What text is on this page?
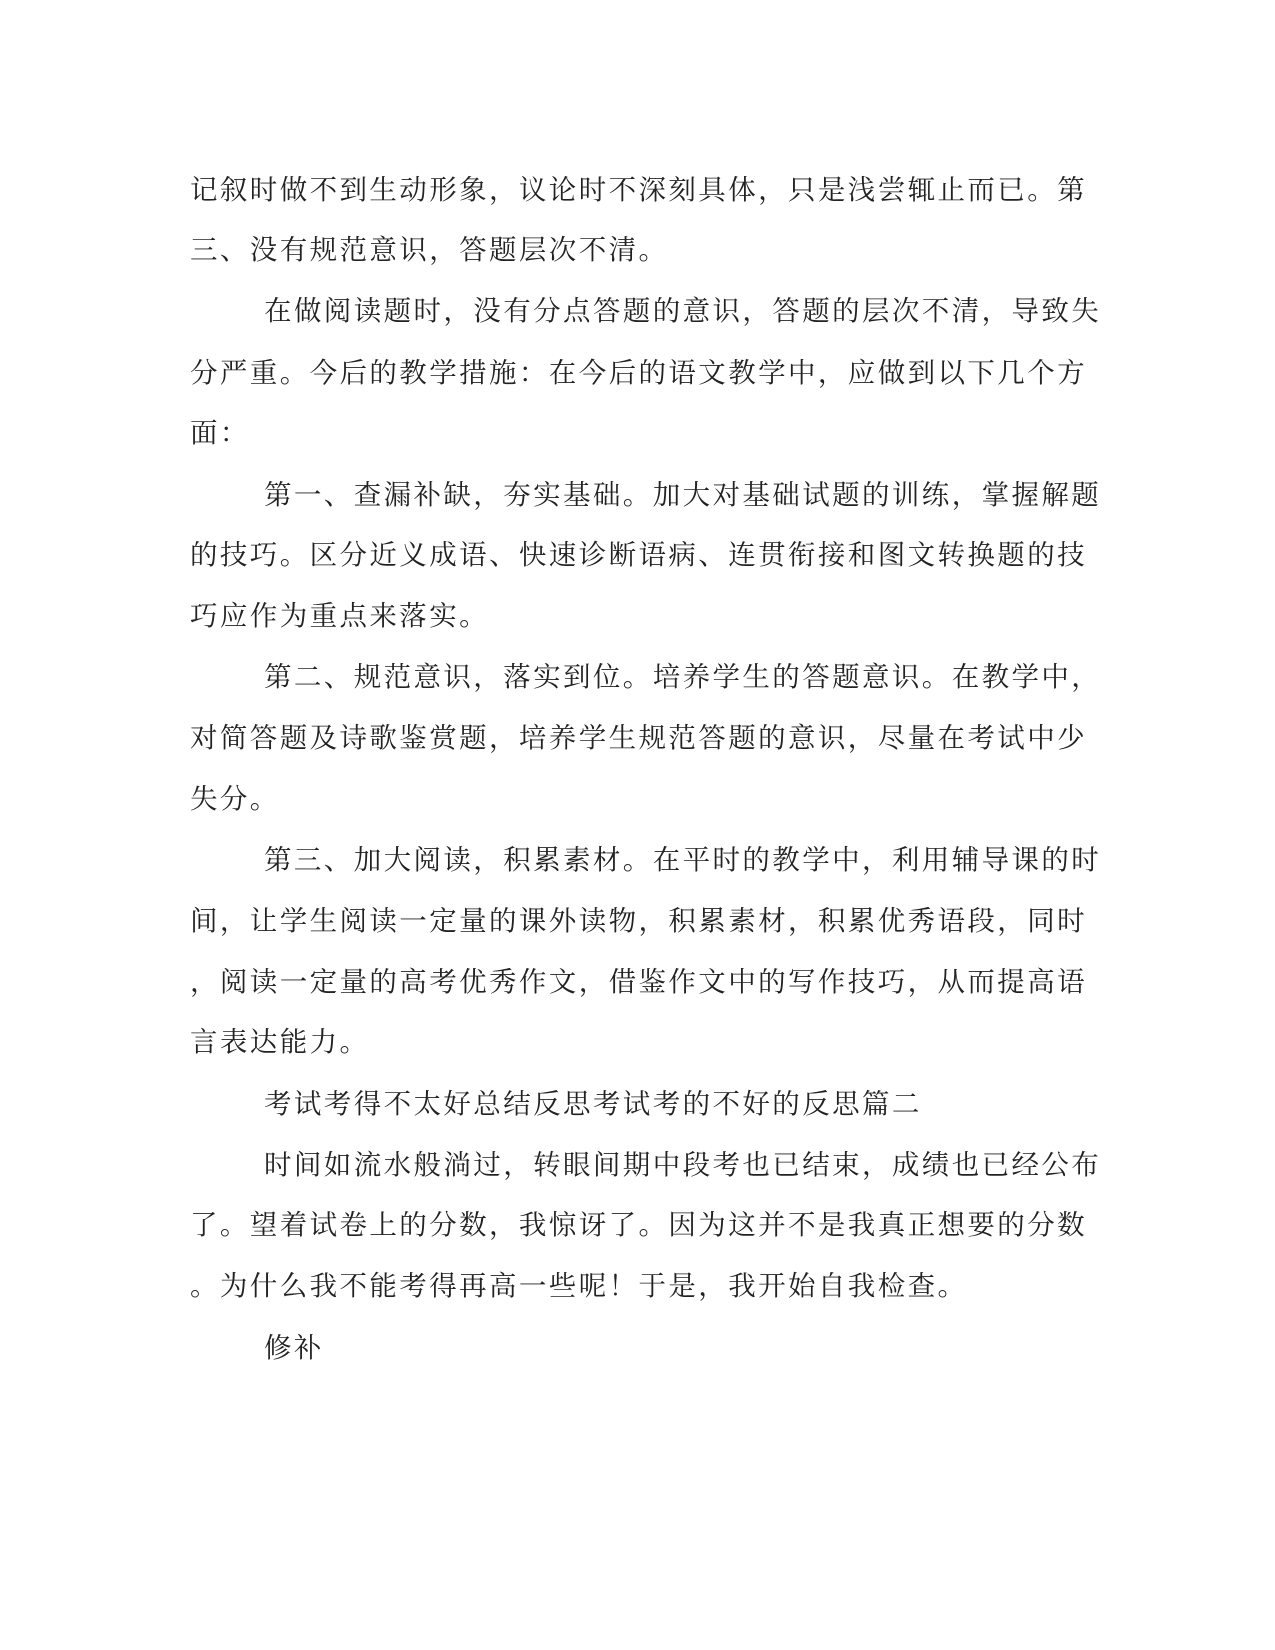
记叙时做不到生动形象，议论时不深刻具体，只是浅尝辄止而已。第
三、没有规范意识，答题层次不清。
在做阅读题时，没有分点答题的意识，答题的层次不清，导致失
分严重。今后的教学措施：在今后的语文教学中，应做到以下几个方
面：
第一、查漏补缺，夯实基础。加大对基础试题的训练，掌握解题
的技巧。区分近义成语、快速诊断语病、连贯衔接和图文转换题的技
巧应作为重点来落实。
第二、规范意识，落实到位。培养学生的答题意识。在教学中，
对简答题及诗歌鉴赏题，培养学生规范答题的意识，尽量在考试中少
失分。
第三、加大阅读，积累素材。在平时的教学中，利用辅导课的时
间，让学生阅读一定量的课外读物，积累素材，积累优秀语段，同时
，阅读一定量的高考优秀作文，借鉴作文中的写作技巧，从而提高语
言表达能力。
考试考得不太好总结反思考试考的不好的反思篇二
时间如流水般淌过，转眼间期中段考也已结束，成绩也已经公布
了。望着试卷上的分数，我惊讶了。因为这并不是我真正想要的分数
。为什么我不能考得再高一些呢！于是，我开始自我检查。
修补
